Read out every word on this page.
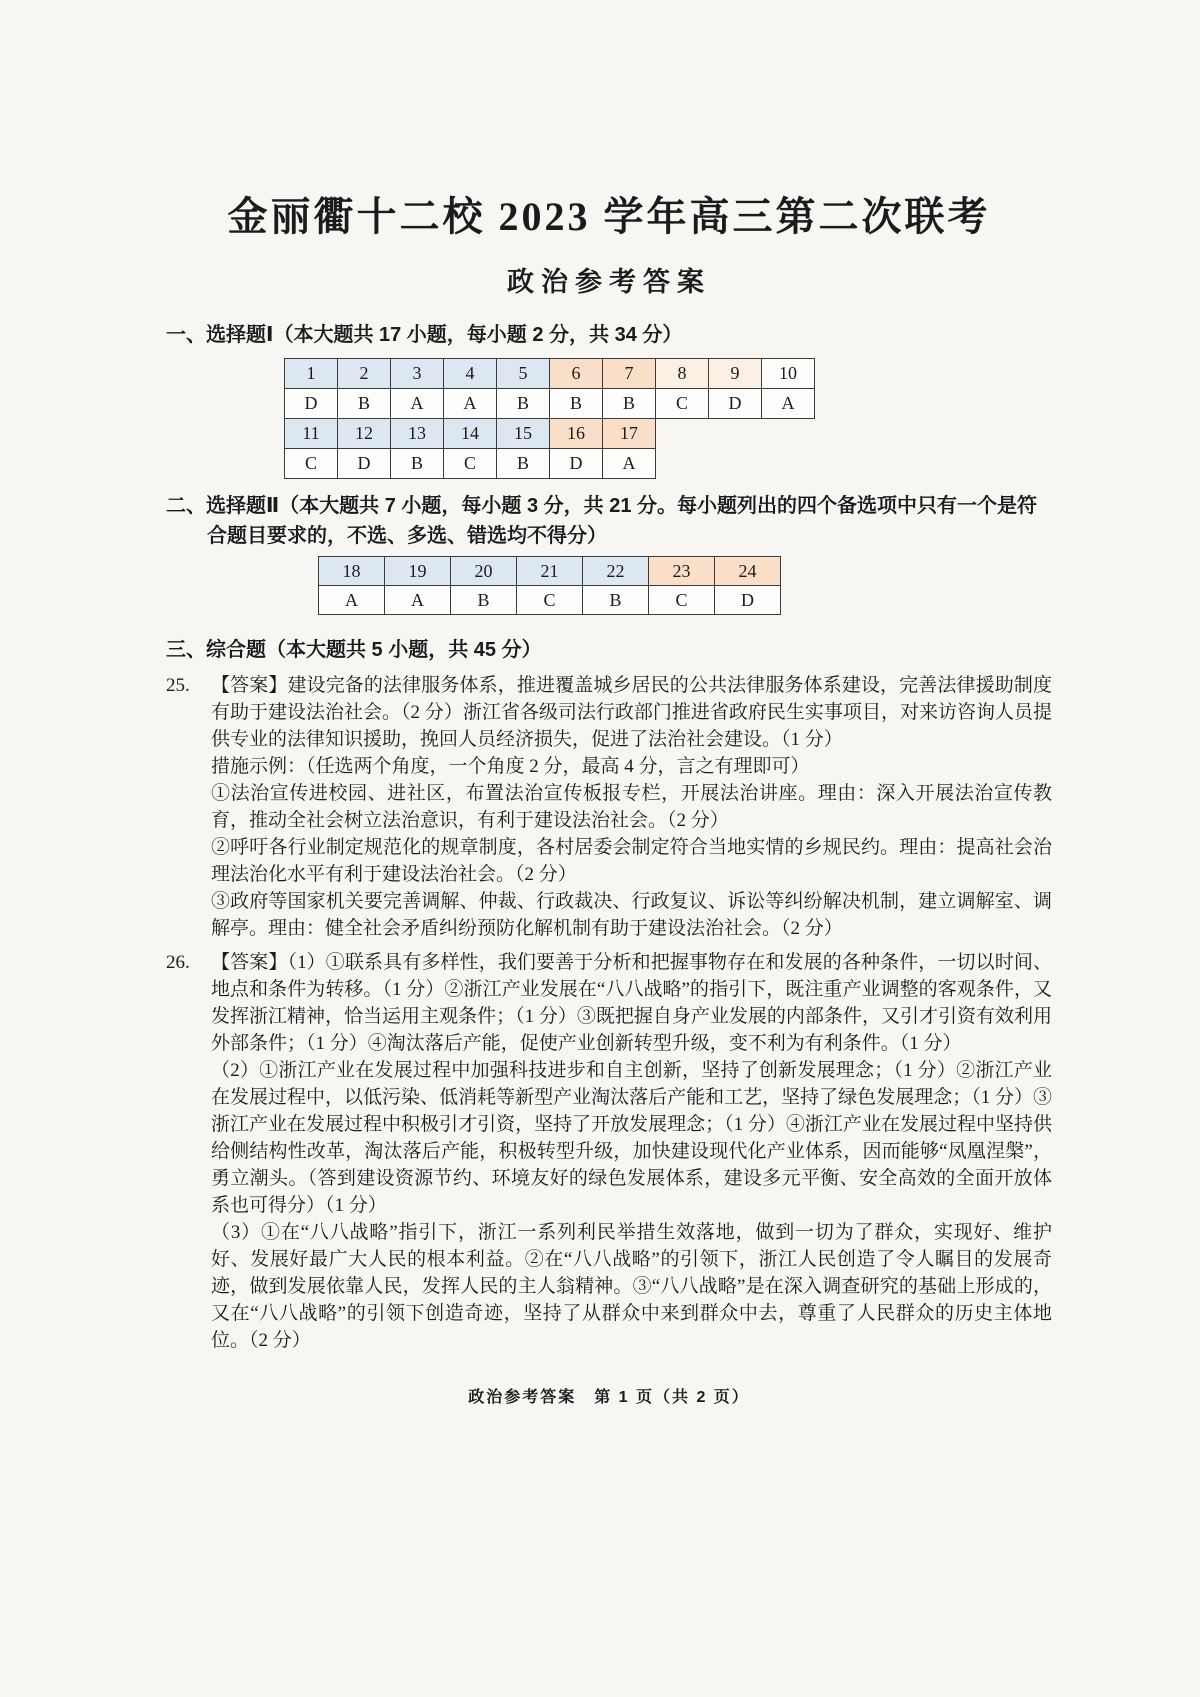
金丽衢十二校 2023 学年高三第二次联考
政治参考答案
一、选择题Ⅰ（本大题共 17 小题，每小题 2 分，共 34 分）
1	2	3	4	5	6	7	8	9	10
D	B	A	A	B	B	B	C	D	A
11	12	13	14	15	16	17			
C	D	B	C	B	D	A			
二、选择题Ⅱ（本大题共 7 小题，每小题 3 分，共 21 分。每小题列出的四个备选项中只有一个是符合题目要求的，不选、多选、错选均不得分）
18	19	20	21	22	23	24
A	A	B	C	B	C	D
三、综合题（本大题共 5 小题，共 45 分）
25.	【答案】建设完备的法律服务体系，推进覆盖城乡居民的公共法律服务体系建设，完善法律援助制度有助于建设法治社会。（2 分）浙江省各级司法行政部门推进省政府民生实事项目，对来访咨询人员提供专业的法律知识援助，挽回人员经济损失，促进了法治社会建设。（1 分）

措施示例：（任选两个角度，一个角度 2 分，最高 4 分，言之有理即可）

①法治宣传进校园、进社区，布置法治宣传板报专栏，开展法治讲座。理由：深入开展法治宣传教育，推动全社会树立法治意识，有利于建设法治社会。（2 分）

②呼吁各行业制定规范化的规章制度，各村居委会制定符合当地实情的乡规民约。理由：提高社会治理法治化水平有利于建设法治社会。（2 分）

③政府等国家机关要完善调解、仲裁、行政裁决、行政复议、诉讼等纠纷解决机制，建立调解室、调解亭。理由：健全社会矛盾纠纷预防化解机制有助于建设法治社会。（2 分）

26.	【答案】（1）①联系具有多样性，我们要善于分析和把握事物存在和发展的各种条件，一切以时间、地点和条件为转移。（1 分）②浙江产业发展在“八八战略”的指引下，既注重产业调整的客观条件，又发挥浙江精神，恰当运用主观条件；（1 分）③既把握自身产业发展的内部条件，又引才引资有效利用外部条件；（1 分）④淘汰落后产能，促使产业创新转型升级，变不利为有利条件。（1 分）

（2）①浙江产业在发展过程中加强科技进步和自主创新，坚持了创新发展理念；（1 分）②浙江产业在发展过程中，以低污染、低消耗等新型产业淘汰落后产能和工艺，坚持了绿色发展理念；（1 分）③浙江产业在发展过程中积极引才引资，坚持了开放发展理念；（1 分）④浙江产业在发展过程中坚持供给侧结构性改革，淘汰落后产能，积极转型升级，加快建设现代化产业体系，因而能够“凤凰涅槃”，勇立潮头。（答到建设资源节约、环境友好的绿色发展体系，建设多元平衡、安全高效的全面开放体系也可得分）（1 分）

（3）①在“八八战略”指引下，浙江一系列利民举措生效落地，做到一切为了群众，实现好、维护好、发展好最广大人民的根本利益。②在“八八战略”的引领下，浙江人民创造了令人瞩目的发展奇迹，做到发展依靠人民，发挥人民的主人翁精神。③“八八战略”是在深入调查研究的基础上形成的，又在“八八战略”的引领下创造奇迹，坚持了从群众中来到群众中去，尊重了人民群众的历史主体地位。（2 分）

政治参考答案　第 1 页（共 2 页）
